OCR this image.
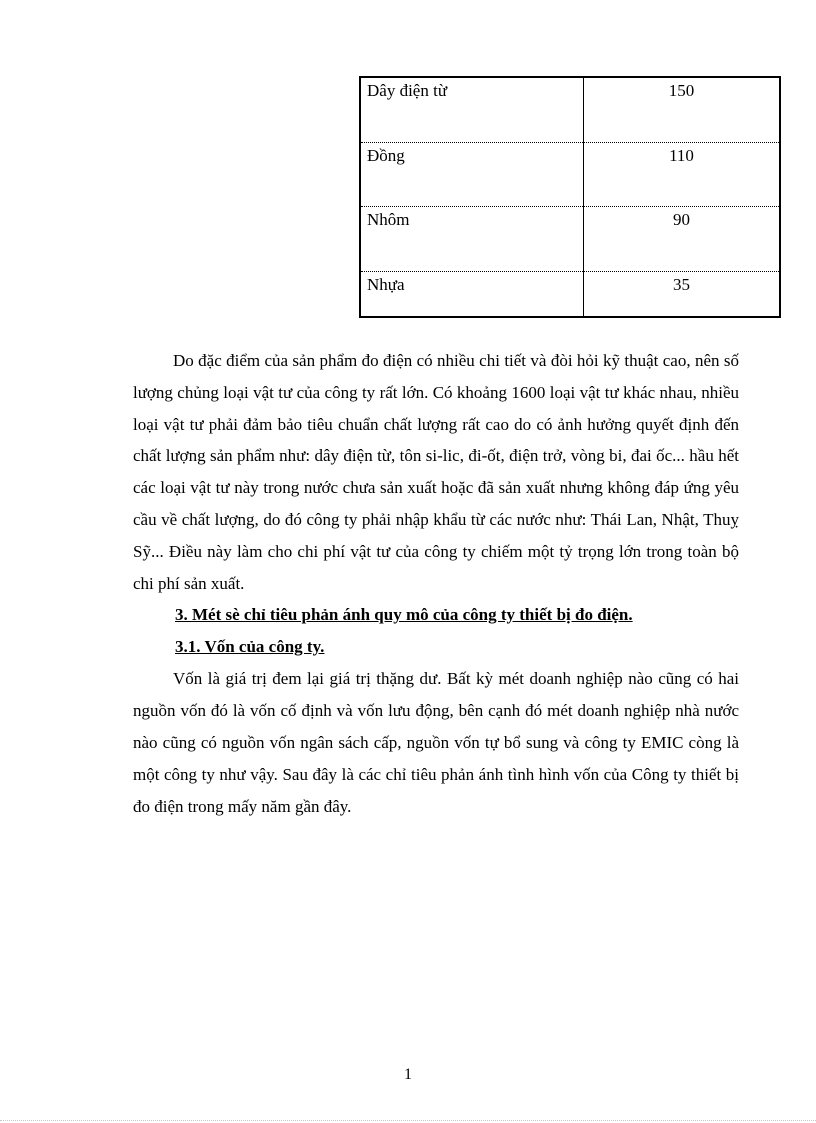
Dây điện từ	150
Đồng	110
Nhôm	90
Nhựa	35

Do đặc điểm của sản phẩm đo điện có nhiều chi tiết và đòi hỏi kỹ thuật cao, nên số lượng chủng loại vật tư của công ty rất lớn. Có khoảng 1600 loại vật tư khác nhau, nhiều loại vật tư phải đảm bảo tiêu chuẩn chất lượng rất cao do có ảnh hưởng quyết định đến chất lượng sản phẩm như: dây điện từ, tôn si-lic, đi-ốt, điện trở, vòng bi, đai ốc... hầu hết các loại vật tư này trong nước chưa sản xuất hoặc đã sản xuất nhưng không đáp ứng yêu cầu về chất lượng, do đó công ty phải nhập khẩu từ các nước như: Thái Lan, Nhật, Thuỵ Sỹ... Điều này làm cho chi phí vật tư của công ty chiếm một tỷ trọng lớn trong toàn bộ chi phí sản xuất.

3. Mét sè chỉ tiêu phản ánh quy mô của công ty thiết bị đo điện.

3.1. Vốn của công ty.

Vốn là giá trị đem lại giá trị thặng dư. Bất kỳ mét doanh nghiệp nào cũng có hai nguồn vốn đó là vốn cố định và vốn lưu động, bên cạnh đó mét doanh nghiệp nhà nước nào cũng có nguồn vốn ngân sách cấp, nguồn vốn tự bổ sung và công ty EMIC còng là một công ty như vậy. Sau đây là các chỉ tiêu phản ánh tình hình vốn của Công ty thiết bị đo điện trong mấy năm gần đây.

1
